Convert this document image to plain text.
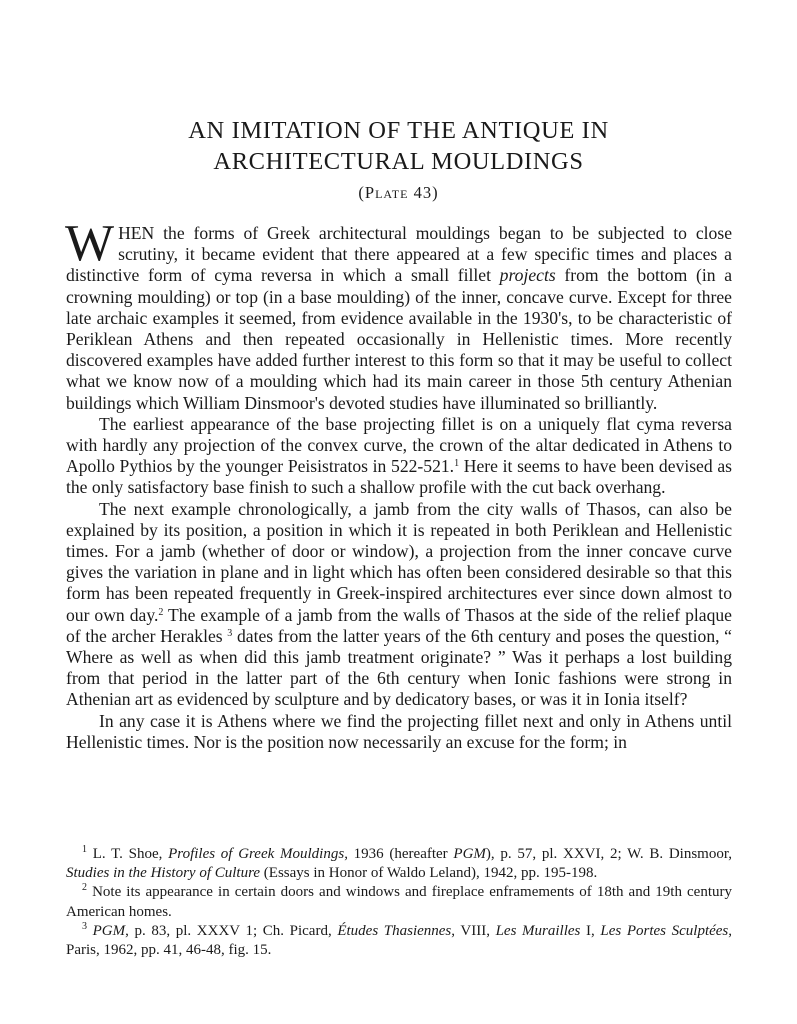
AN IMITATION OF THE ANTIQUE IN
ARCHITECTURAL MOULDINGS
(Plate 43)

WHEN the forms of Greek architectural mouldings began to be subjected to close scrutiny, it became evident that there appeared at a few specific times and places a distinctive form of cyma reversa in which a small fillet projects from the bottom (in a crowning moulding) or top (in a base moulding) of the inner, concave curve. Except for three late archaic examples it seemed, from evidence available in the 1930's, to be characteristic of Periklean Athens and then repeated occasionally in Hellenistic times. More recently discovered examples have added further interest to this form so that it may be useful to collect what we know now of a moulding which had its main career in those 5th century Athenian buildings which William Dinsmoor's devoted studies have illuminated so brilliantly.

The earliest appearance of the base projecting fillet is on a uniquely flat cyma reversa with hardly any projection of the convex curve, the crown of the altar dedicated in Athens to Apollo Pythios by the younger Peisistratos in 522-521.$^1$ Here it seems to have been devised as the only satisfactory base finish to such a shallow profile with the cut back overhang.

The next example chronologically, a jamb from the city walls of Thasos, can also be explained by its position, a position in which it is repeated in both Periklean and Hellenistic times. For a jamb (whether of door or window), a projection from the inner concave curve gives the variation in plane and in light which has often been considered desirable so that this form has been repeated frequently in Greek-inspired architectures ever since down almost to our own day.$^2$ The example of a jamb from the walls of Thasos at the side of the relief plaque of the archer Herakles $^3$ dates from the latter years of the 6th century and poses the question, “ Where as well as when did this jamb treatment originate? ” Was it perhaps a lost building from that period in the latter part of the 6th century when Ionic fashions were strong in Athenian art as evidenced by sculpture and by dedicatory bases, or was it in Ionia itself?

In any case it is Athens where we find the projecting fillet next and only in Athens until Hellenistic times. Nor is the position now necessarily an excuse for the form; in

$^1$ L. T. Shoe, Profiles of Greek Mouldings, 1936 (hereafter PGM), p. 57, pl. XXVI, 2; W. B. Dinsmoor, Studies in the History of Culture (Essays in Honor of Waldo Leland), 1942, pp. 195-198.

$^2$ Note its appearance in certain doors and windows and fireplace enframements of 18th and 19th century American homes.

$^3$ PGM, p. 83, pl. XXXV 1; Ch. Picard, Études Thasiennes, VIII, Les Murailles I, Les Portes Sculptées, Paris, 1962, pp. 41, 46-48, fig. 15.
